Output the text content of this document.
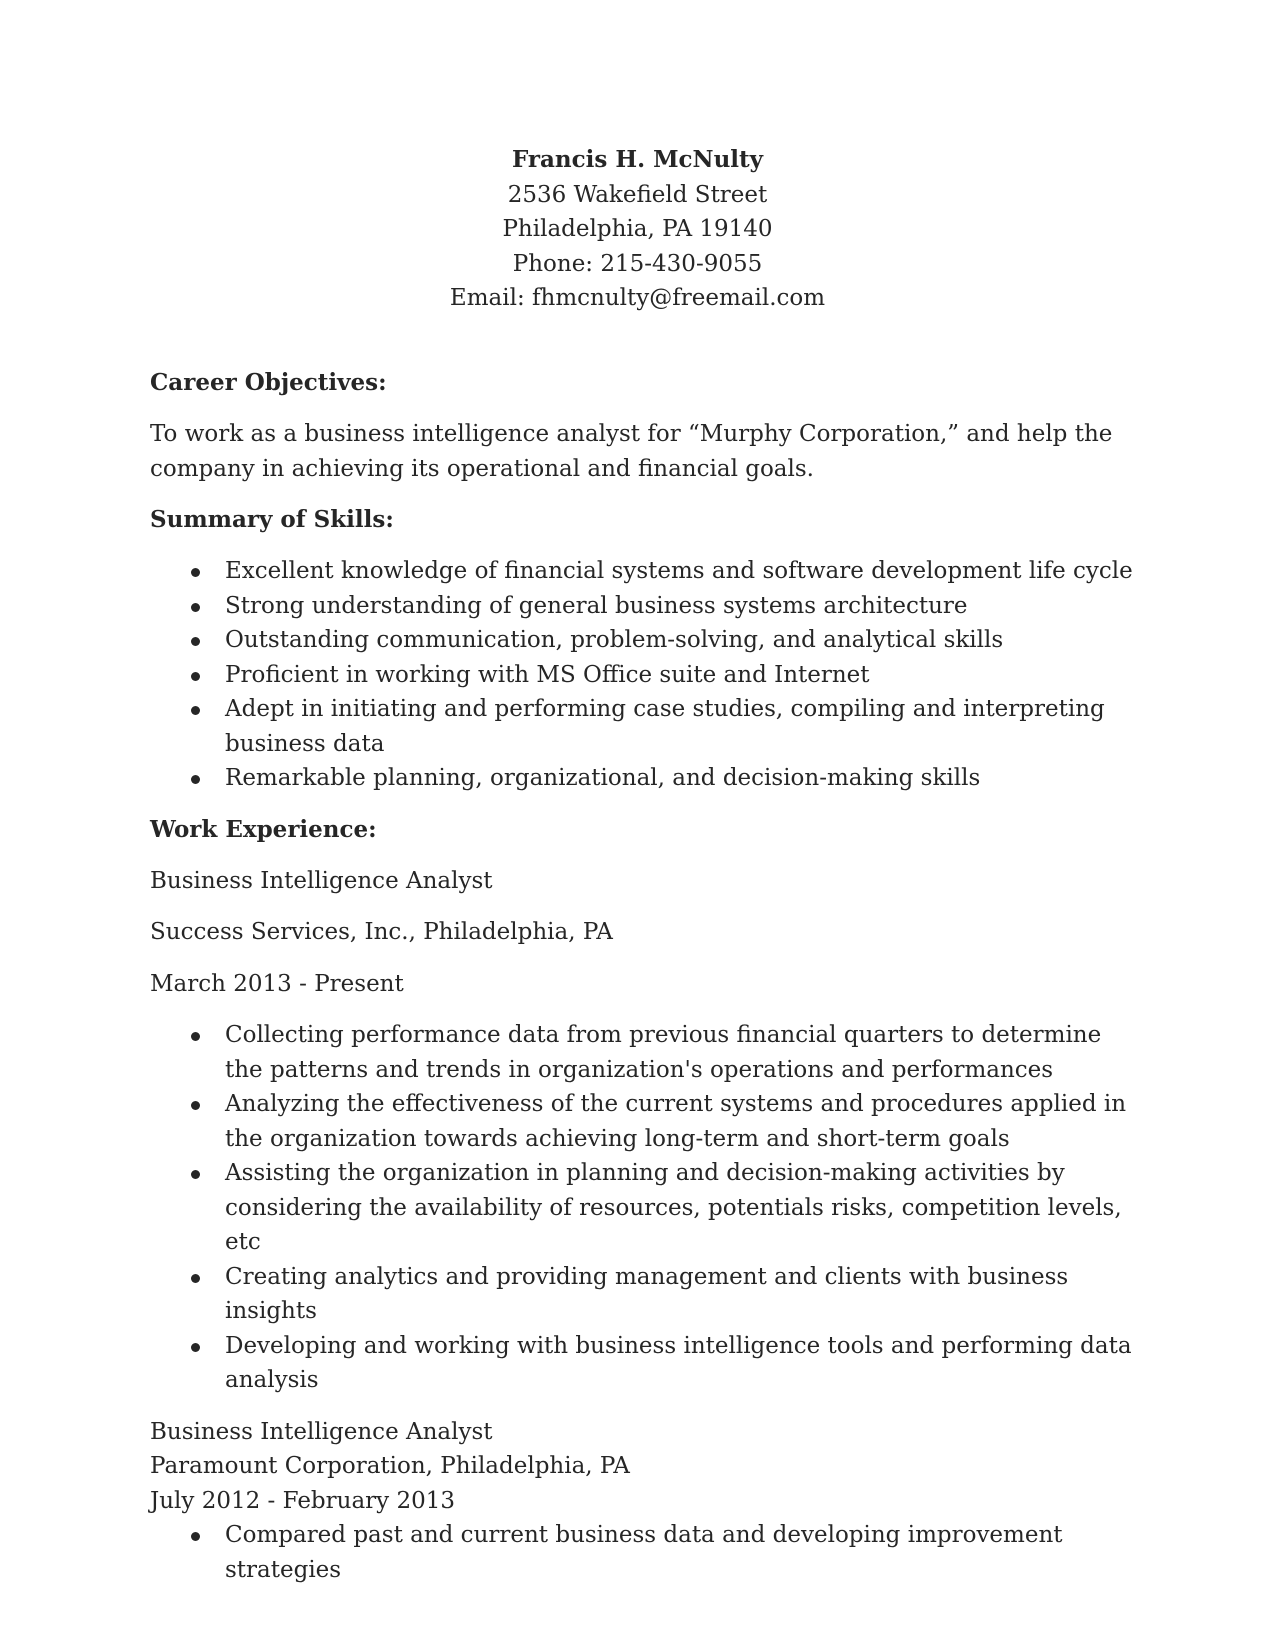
Francis H. McNulty
2536 Wakefield Street
Philadelphia, PA 19140
Phone: 215-430-9055
Email: fhmcnulty@freemail.com
Career Objectives:
To work as a business intelligence analyst for “Murphy Corporation,” and help the company in achieving its operational and financial goals.
Summary of Skills:
Excellent knowledge of financial systems and software development life cycle
Strong understanding of general business systems architecture
Outstanding communication, problem-solving, and analytical skills
Proficient in working with MS Office suite and Internet
Adept in initiating and performing case studies, compiling and interpreting business data
Remarkable planning, organizational, and decision-making skills
Work Experience:
Business Intelligence Analyst
Success Services, Inc., Philadelphia, PA
March 2013 - Present
Collecting performance data from previous financial quarters to determine the patterns and trends in organization's operations and performances
Analyzing the effectiveness of the current systems and procedures applied in the organization towards achieving long-term and short-term goals
Assisting the organization in planning and decision-making activities by considering the availability of resources, potentials risks, competition levels, etc
Creating analytics and providing management and clients with business insights
Developing and working with business intelligence tools and performing data analysis
Business Intelligence Analyst
Paramount Corporation, Philadelphia, PA
July 2012 - February 2013
Compared past and current business data and developing improvement strategies
